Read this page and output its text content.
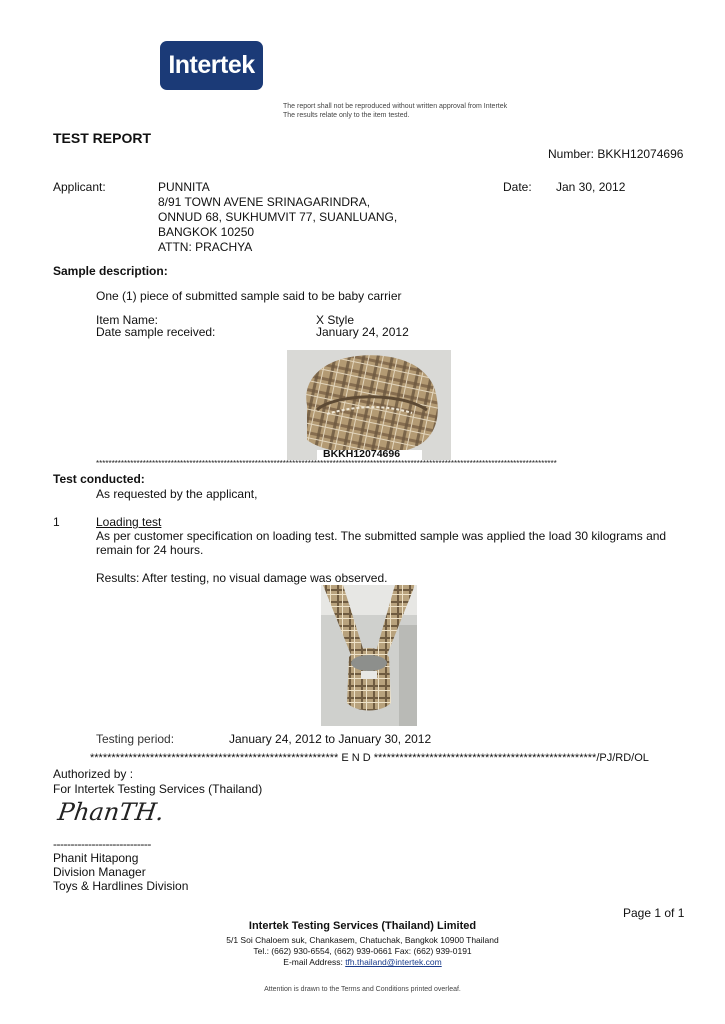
Intertek
The report shall not be reproduced without written approval from Intertek
The results relate only to the item tested.
TEST REPORT
Number: BKKH12074696
Applicant:	PUNNITA
8/91 TOWN AVENE SRINAGARINDRA,
ONNUD 68, SUKHUMVIT 77, SUANLUANG,
BANGKOK 10250
ATTN: PRACHYA
Date: Jan 30, 2012
Sample description:
One (1) piece of submitted sample said to be baby carrier
Item Name:	X Style
Date sample received:	January 24, 2012
BKKH12074696
****************************************************************************************************************************************************
Test conducted:
As requested by the applicant,
1	Loading test
As per customer specification on loading test. The submitted sample was applied the load 30 kilograms and
remain for 24 hours.
Results: After testing, no visual damage was observed.
Testing period:	January 24, 2012 to January 30, 2012
********************************************************** E N D ****************************************************/PJ/RD/OL
Authorized by :
For Intertek Testing Services (Thailand)
PhanTH.
----------------------------
Phanit Hitapong
Division Manager
Toys & Hardlines Division
Page 1 of 1
Intertek Testing Services (Thailand) Limited
5/1 Soi Chaloem suk, Chankasem, Chatuchak, Bangkok 10900 Thailand
Tel.: (662) 930-6554, (662) 939-0661 Fax: (662) 939-0191
E-mail Address: tfh.thailand@intertek.com
Attention is drawn to the Terms and Conditions printed overleaf.
